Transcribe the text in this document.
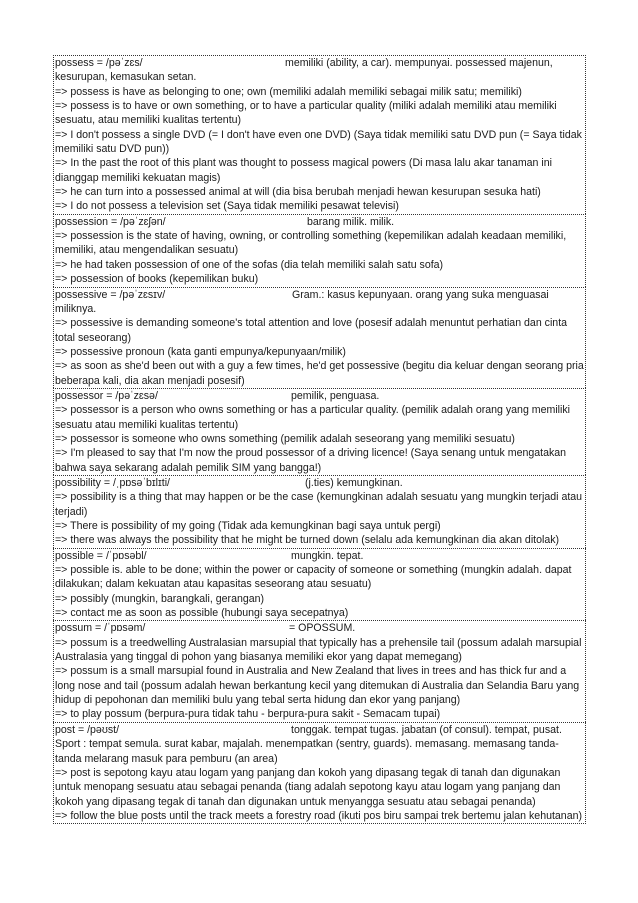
possess = /pəˈzɛs/	memiliki (ability, a car). mempunyai. possessed majenun,
kesurupan, kemasukan setan.
=> possess is have as belonging to one; own (memiliki adalah memiliki sebagai milik satu; memiliki)
=> possess is to have or own something, or to have a particular quality (miliki adalah memiliki atau memiliki sesuatu, atau memiliki kualitas tertentu)
=> I don't possess a single DVD (= I don't have even one DVD) (Saya tidak memiliki satu DVD pun (= Saya tidak memiliki satu DVD pun))
=> In the past the root of this plant was thought to possess magical powers (Di masa lalu akar tanaman ini dianggap memiliki kekuatan magis)
=> he can turn into a possessed animal at will (dia bisa berubah menjadi hewan kesurupan sesuka hati)
=> I do not possess a television set (Saya tidak memiliki pesawat televisi)
possession = /pəˈzɛʃən/	barang milik. milik.
=> possession is the state of having, owning, or controlling something (kepemilikan adalah keadaan memiliki, memiliki, atau mengendalikan sesuatu)
=> he had taken possession of one of the sofas (dia telah memiliki salah satu sofa)
=> possession of books (kepemilikan buku)
possessive = /pəˈzɛsɪv/	Gram.: kasus kepunyaan. orang yang suka menguasai
miliknya.
=> possessive is demanding someone's total attention and love (posesif adalah menuntut perhatian dan cinta total seseorang)
=> possessive pronoun (kata ganti empunya/kepunyaan/milik)
=> as soon as she'd been out with a guy a few times, he'd get possessive (begitu dia keluar dengan seorang pria beberapa kali, dia akan menjadi posesif)
possessor = /pəˈzɛsə/	pemilik, penguasa.
=> possessor is a person who owns something or has a particular quality. (pemilik adalah orang yang memiliki sesuatu atau memiliki kualitas tertentu)
=> possessor is someone who owns something (pemilik adalah seseorang yang memiliki sesuatu)
=> I'm pleased to say that I'm now the proud possessor of a driving licence! (Saya senang untuk mengatakan bahwa saya sekarang adalah pemilik SIM yang bangga!)
possibility = /ˌpɒsəˈbɪlɪti/	(j.ties) kemungkinan.
=> possibility is a thing that may happen or be the case (kemungkinan adalah sesuatu yang mungkin terjadi atau terjadi)
=> There is possibility of my going (Tidak ada kemungkinan bagi saya untuk pergi)
=> there was always the possibility that he might be turned down (selalu ada kemungkinan dia akan ditolak)
possible = /ˈpɒsəbl/	mungkin. tepat.
=> possible is. able to be done; within the power or capacity of someone or something (mungkin adalah. dapat dilakukan; dalam kekuatan atau kapasitas seseorang atau sesuatu)
=> possibly (mungkin, barangkali, gerangan)
=> contact me as soon as possible (hubungi saya secepatnya)
possum = /ˈpɒsəm/	= OPOSSUM.
=> possum is a treedwelling Australasian marsupial that typically has a prehensile tail (possum adalah marsupial Australasia yang tinggal di pohon yang biasanya memiliki ekor yang dapat memegang)
=> possum is a small marsupial found in Australia and New Zealand that lives in trees and has thick fur and a long nose and tail (possum adalah hewan berkantung kecil yang ditemukan di Australia dan Selandia Baru yang hidup di pepohonan dan memiliki bulu yang tebal serta hidung dan ekor yang panjang)
=> to play possum (berpura-pura tidak tahu - berpura-pura sakit - Semacam tupai)
post = /pəʊst/	tonggak. tempat tugas. jabatan (of consul). tempat, pusat.
Sport : tempat semula. surat kabar, majalah. menempatkan (sentry, guards). memasang. memasang tanda-tanda melarang masuk para pemburu (an area)
=> post is sepotong kayu atau logam yang panjang dan kokoh yang dipasang tegak di tanah dan digunakan untuk menopang sesuatu atau sebagai penanda (tiang adalah sepotong kayu atau logam yang panjang dan kokoh yang dipasang tegak di tanah dan digunakan untuk menyangga sesuatu atau sebagai penanda)
=> follow the blue posts until the track meets a forestry road (ikuti pos biru sampai trek bertemu jalan kehutanan)
